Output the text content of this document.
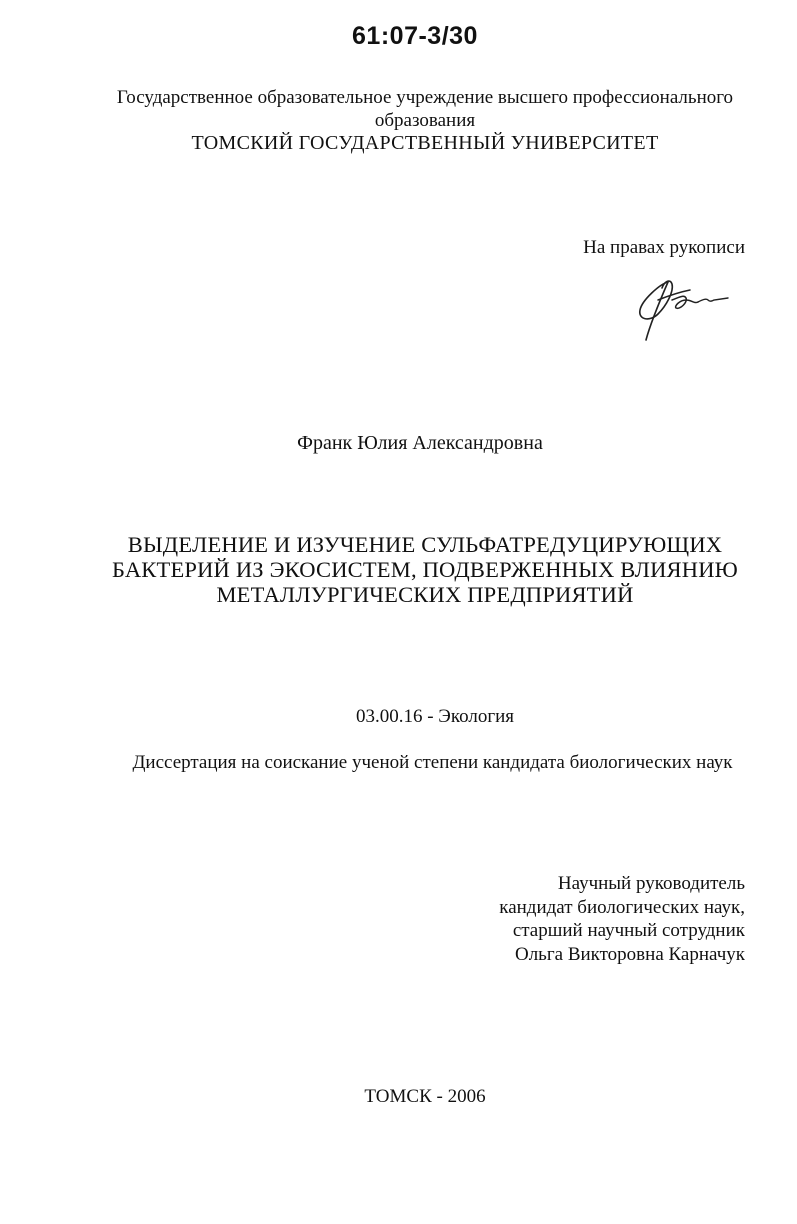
61:07-3/30
Государственное образовательное учреждение высшего профессионального
образования
ТОМСКИЙ ГОСУДАРСТВЕННЫЙ УНИВЕРСИТЕТ
На правах рукописи
Франк Юлия Александровна
ВЫДЕЛЕНИЕ И ИЗУЧЕНИЕ СУЛЬФАТРЕДУЦИРУЮЩИХ
БАКТЕРИЙ ИЗ ЭКОСИСТЕМ, ПОДВЕРЖЕННЫХ ВЛИЯНИЮ
МЕТАЛЛУРГИЧЕСКИХ ПРЕДПРИЯТИЙ
03.00.16 - Экология
Диссертация на соискание ученой степени кандидата биологических наук
Научный руководитель
кандидат биологических наук,
старший научный сотрудник
Ольга Викторовна Карначук
ТОМСК - 2006
